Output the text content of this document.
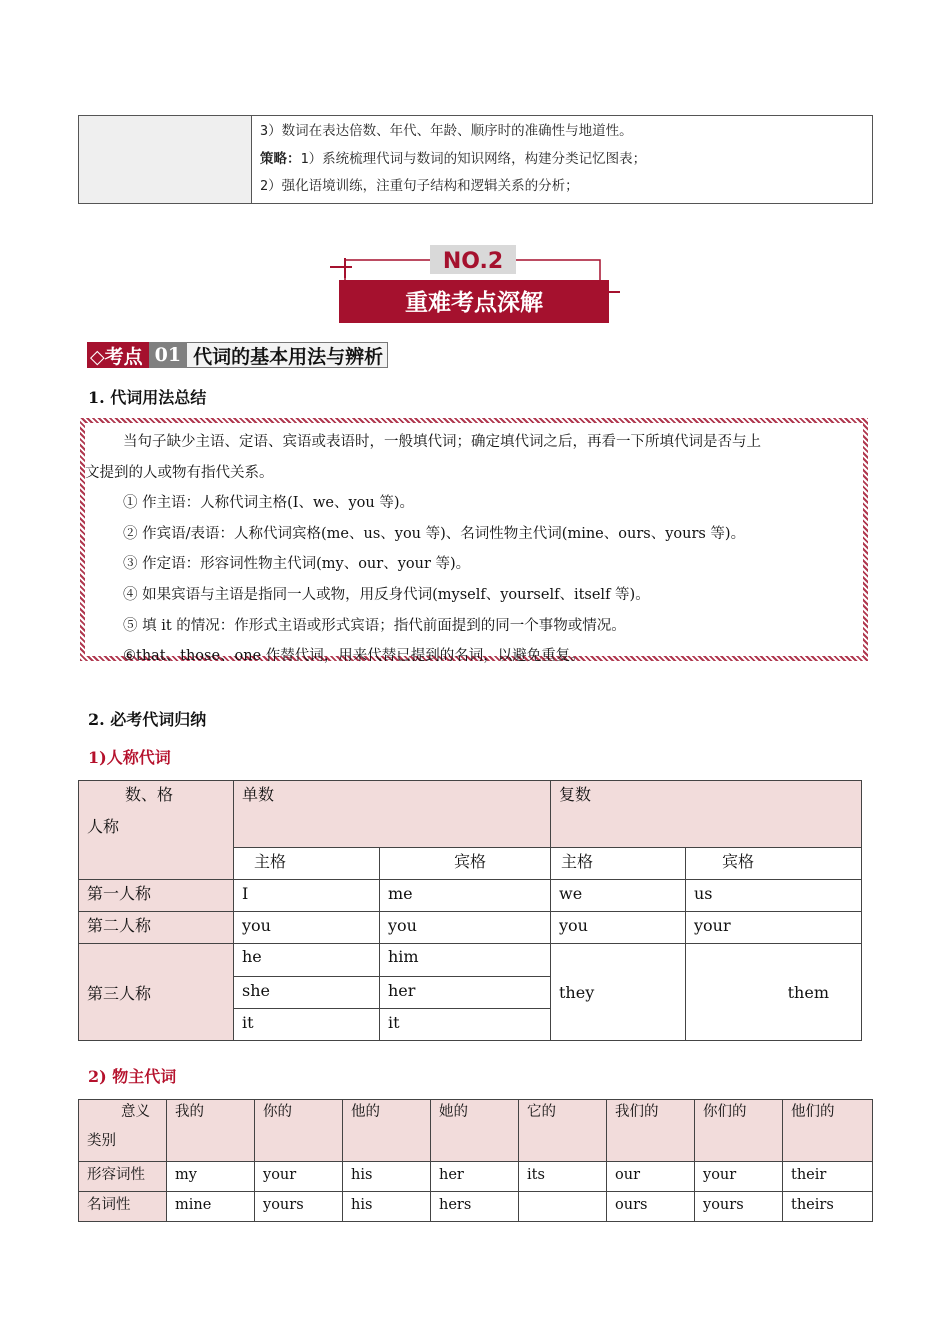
3）数词在表达倍数、年代、年龄、顺序时的准确性与地道性。
策略：1）系统梳理代词与数词的知识网络，构建分类记忆图表；
2）强化语境训练，注重句子结构和逻辑关系的分析；
NO.2
重难考点深解
◇考点 01 代词的基本用法与辨析
1. 代词用法总结
当句子缺少主语、定语、宾语或表语时，一般填代词；确定填代词之后，再看一下所填代词是否与上
文提到的人或物有指代关系。
① 作主语：人称代词主格(I、we、you 等)。
② 作宾语/表语：人称代词宾格(me、us、you 等)、名词性物主代词(mine、ours、yours 等)。
③ 作定语：形容词性物主代词(my、our、your 等)。
④ 如果宾语与主语是指同一人或物，用反身代词(myself、yourself、itself 等)。
⑤ 填 it 的情况：作形式主语或形式宾语；指代前面提到的同一个事物或情况。
⑥that、those、one 作替代词，用来代替已提到的名词，以避免重复。
2. 必考代词归纳
1)人称代词
数、格
人称	单数		复数	
	主格	宾格	主格	宾格
第一人称	I	me	we	us
第二人称	you	you	you	your
第三人称	he	him	they	them
	she	her		
	it	it		
2) 物主代词
意义
类别	我的	你的	他的	她的	它的	我们的	你们的	他们的
形容词性	my	your	his	her	its	our	your	their
名词性	mine	yours	his	hers		ours	yours	theirs
